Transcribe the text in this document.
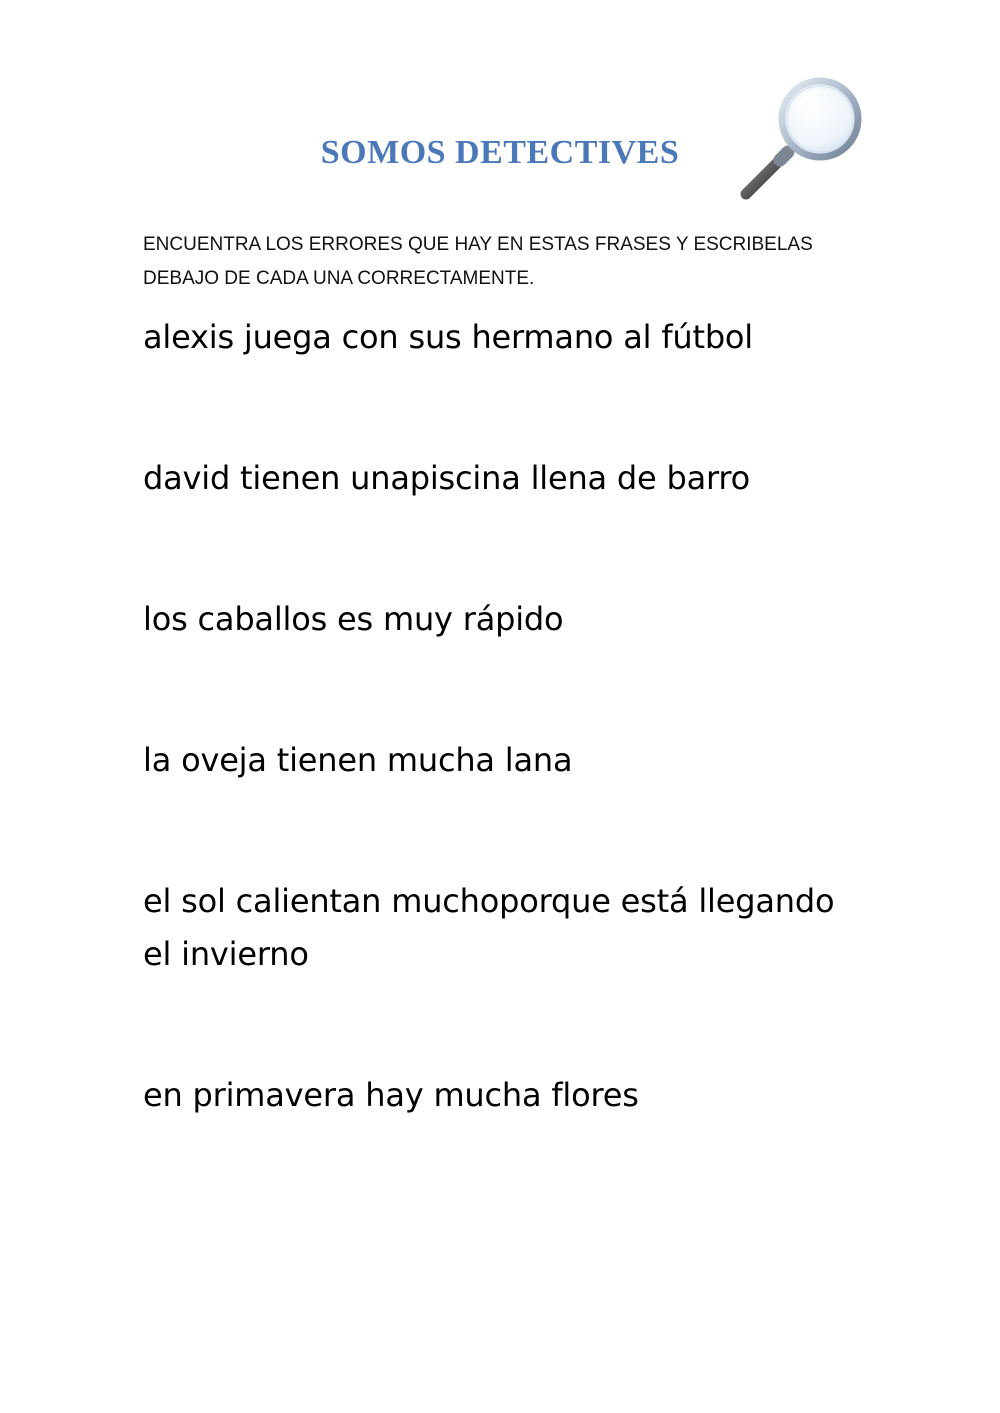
SOMOS DETECTIVES

ENCUENTRA LOS ERRORES QUE HAY EN ESTAS FRASES Y ESCRIBELAS DEBAJO DE CADA UNA CORRECTAMENTE.

alexis juega con sus hermano al fútbol

david tienen unapiscina llena de barro

los caballos es muy rápido

la oveja tienen mucha lana

el sol calientan muchoporque está llegando el invierno

en primavera hay mucha flores
